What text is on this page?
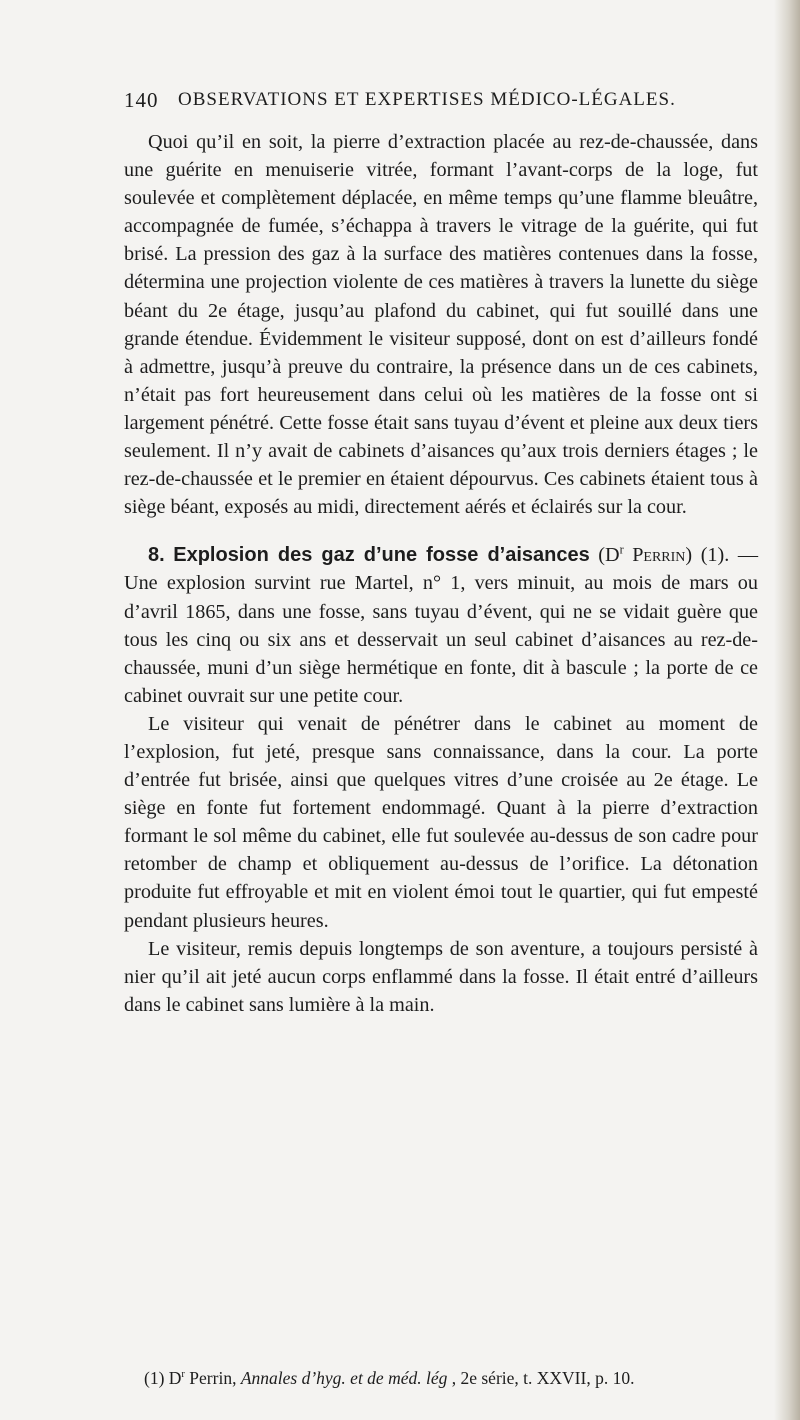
140 OBSERVATIONS ET EXPERTISES MÉDICO-LÉGALES.

Quoi qu’il en soit, la pierre d’extraction placée au rez-de-chaussée, dans une guérite en menuiserie vitrée, formant l’avant-corps de la loge, fut soulevée et complètement déplacée, en même temps qu’une flamme bleuâtre, accompagnée de fumée, s’échappa à travers le vitrage de la guérite, qui fut brisé. La pression des gaz à la surface des matières contenues dans la fosse, détermina une projection violente de ces matières à travers la lunette du siège béant du 2e étage, jusqu’au plafond du cabinet, qui fut souillé dans une grande étendue. Évidemment le visiteur supposé, dont on est d’ailleurs fondé à admettre, jusqu’à preuve du contraire, la présence dans un de ces cabinets, n’était pas fort heureusement dans celui où les matières de la fosse ont si largement pénétré. Cette fosse était sans tuyau d’évent et pleine aux deux tiers seulement. Il n’y avait de cabinets d’aisances qu’aux trois derniers étages ; le rez-de-chaussée et le premier en étaient dépourvus. Ces cabinets étaient tous à siège béant, exposés au midi, directement aérés et éclairés sur la cour.

8. Explosion des gaz d’une fosse d’aisances ($D^r$ Perrin) (1). — Une explosion survint rue Martel, n° 1, vers minuit, au mois de mars ou d’avril 1865, dans une fosse, sans tuyau d’évent, qui ne se vidait guère que tous les cinq ou six ans et desservait un seul cabinet d’aisances au rez-de-chaussée, muni d’un siège hermétique en fonte, dit à bascule ; la porte de ce cabinet ouvrait sur une petite cour.

Le visiteur qui venait de pénétrer dans le cabinet au moment de l’explosion, fut jeté, presque sans connaissance, dans la cour. La porte d’entrée fut brisée, ainsi que quelques vitres d’une croisée au 2e étage. Le siège en fonte fut fortement endommagé. Quant à la pierre d’extraction formant le sol même du cabinet, elle fut soulevée au-dessus de son cadre pour retomber de champ et obliquement au-dessus de l’orifice. La détonation produite fut effroyable et mit en violent émoi tout le quartier, qui fut empesté pendant plusieurs heures.

Le visiteur, remis depuis longtemps de son aventure, a toujours persisté à nier qu’il ait jeté aucun corps enflammé dans la fosse. Il était entré d’ailleurs dans le cabinet sans lumière à la main.

(1) $D^r$ Perrin, Annales d’hyg. et de méd. lég , 2e série, t. XXVII, p. 10.
